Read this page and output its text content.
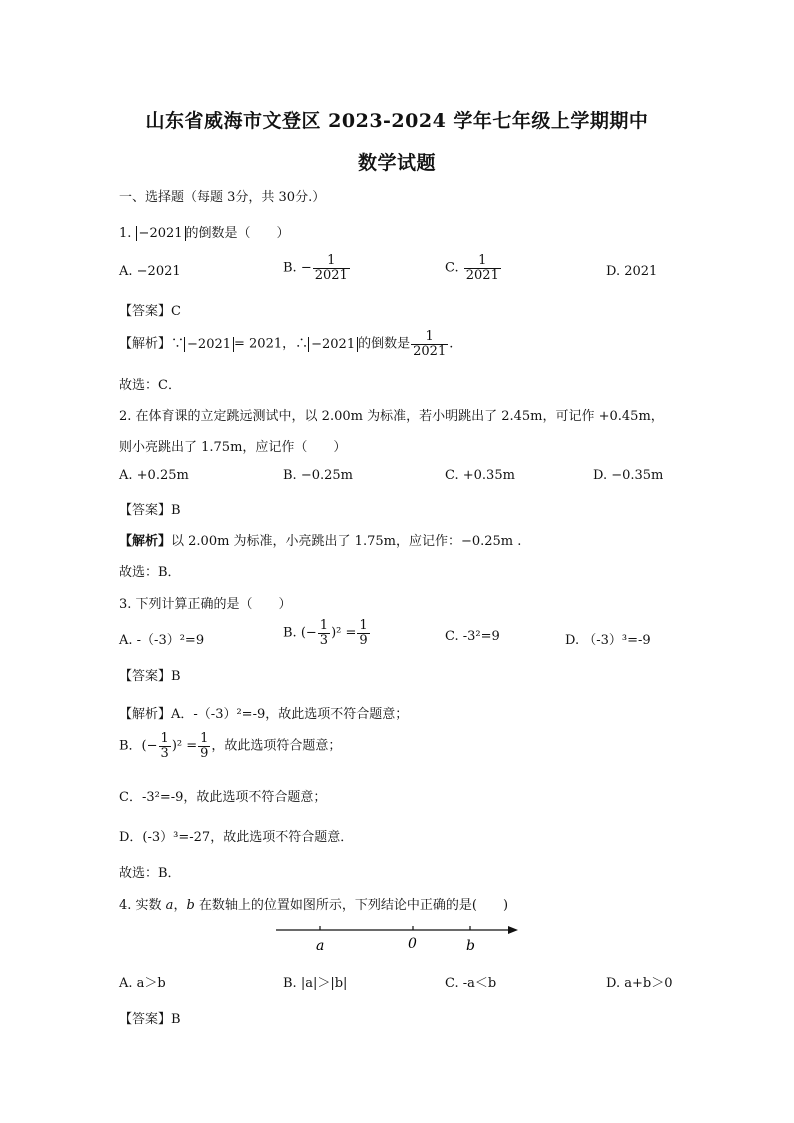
山东省威海市文登区 2023-2024 学年七年级上学期期中
数学试题
一、选择题（每题 3分，共 30分.）
1. −2021 的倒数是（　　）
A. −2021	B. − $\frac{1}{2021}$	C. $\frac{1}{2021}$	D. 2021
【答案】C
【解析】∵ −2021 = 2021，∴ −2021 的倒数是 $\frac{1}{2021}$ .
故选：C．
2. 在体育课的立定跳远测试中，以 2.00m 为标准，若小明跳出了 2.45m，可记作 +0.45m，
则小亮跳出了 1.75m，应记作（　　）
A. +0.25m	B. −0.25m	C. +0.35m	D. −0.35m
【答案】B
【解析】以 2.00m 为标准，小亮跳出了 1.75m，应记作：−0.25m .
故选：B．
3. 下列计算正确的是（　　）
A. -（-3）²=9	B. (− $\frac{1}{3} )^2 = \frac{1}{9}$	C. -3²=9	D. （-3）³=-9
【答案】B
【解析】A．-（-3）²=-9，故此选项不符合题意；
B．(− $\frac{1}{3} )^2 = \frac{1}{9}$ ，故此选项符合题意；
C．-3²=-9，故此选项不符合题意；
D．(-3）³=-27，故此选项不符合题意．
故选：B．
4. 实数 a，b 在数轴上的位置如图所示，下列结论中正确的是(　　)
a	0	b
A. a＞b	B. |a|＞|b|	C. -a＜b	D. a+b＞0
【答案】B
